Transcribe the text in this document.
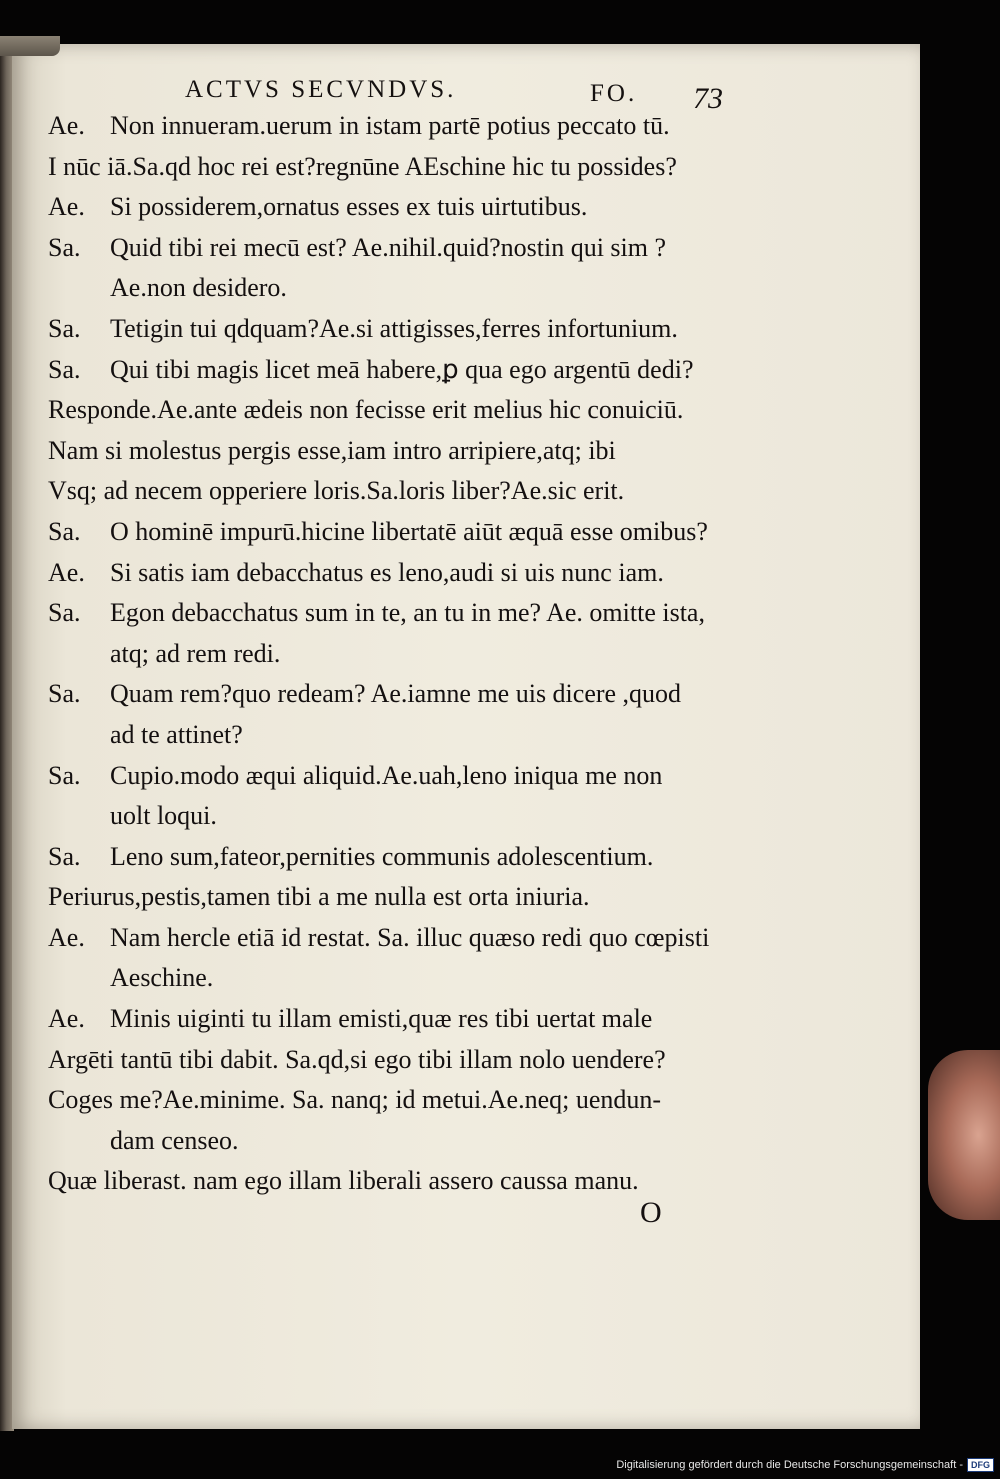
ACTVS SECVNDVS.	FO. 73
Ae. Non innueram.uerum in istam partē potius peccato tū.
I nūc iā.Sa.qd hoc rei est?regnūne AEschine hic tu possides?
Ae. Si possiderem,ornatus esses ex tuis uirtutibus.
Sa. Quid tibi rei mecū est? Ae.nihil.quid?nostin qui sim ?
Ae.non desidero.
Sa. Tetigin tui qdquam?Ae.si attigisses,ferres infortunium.
Sa. Qui tibi magis licet meā habere,ꝑ qua ego argentū dedi?
Responde.Ae.ante ædeis non fecisse erit melius hic conuiciū.
Nam si molestus pergis esse,iam intro arripiere,atq; ibi
Vsq; ad necem opperiere loris.Sa.loris liber?Ae.sic erit.
Sa. O hominē impurū.hicine libertatē aiūt æquā esse omibus?
Ae. Si satis iam debacchatus es leno,audi si uis nunc iam.
Sa. Egon debacchatus sum in te, an tu in me? Ae. omitte ista,
atq; ad rem redi.
Sa. Quam rem?quo redeam? Ae.iamne me uis dicere ,quod
ad te attinet?
Sa. Cupio.modo æqui aliquid.Ae.uah,leno iniqua me non
uolt loqui.
Sa. Leno sum,fateor,pernities communis adolescentium.
Periurus,pestis,tamen tibi a me nulla est orta iniuria.
Ae. Nam hercle etiā id restat. Sa. illuc quæso redi quo cœpisti
Aeschine.
Ae. Minis uiginti tu illam emisti,quæ res tibi uertat male
Argēti tantū tibi dabit. Sa.qd,si ego tibi illam nolo uendere?
Coges me?Ae.minime. Sa. nanq; id metui.Ae.neq; uendun-
dam censeo.
Quæ liberast. nam ego illam liberali assero caussa manu.
O
Digitalisierung gefördert durch die Deutsche Forschungsgemeinschaft - DFG
